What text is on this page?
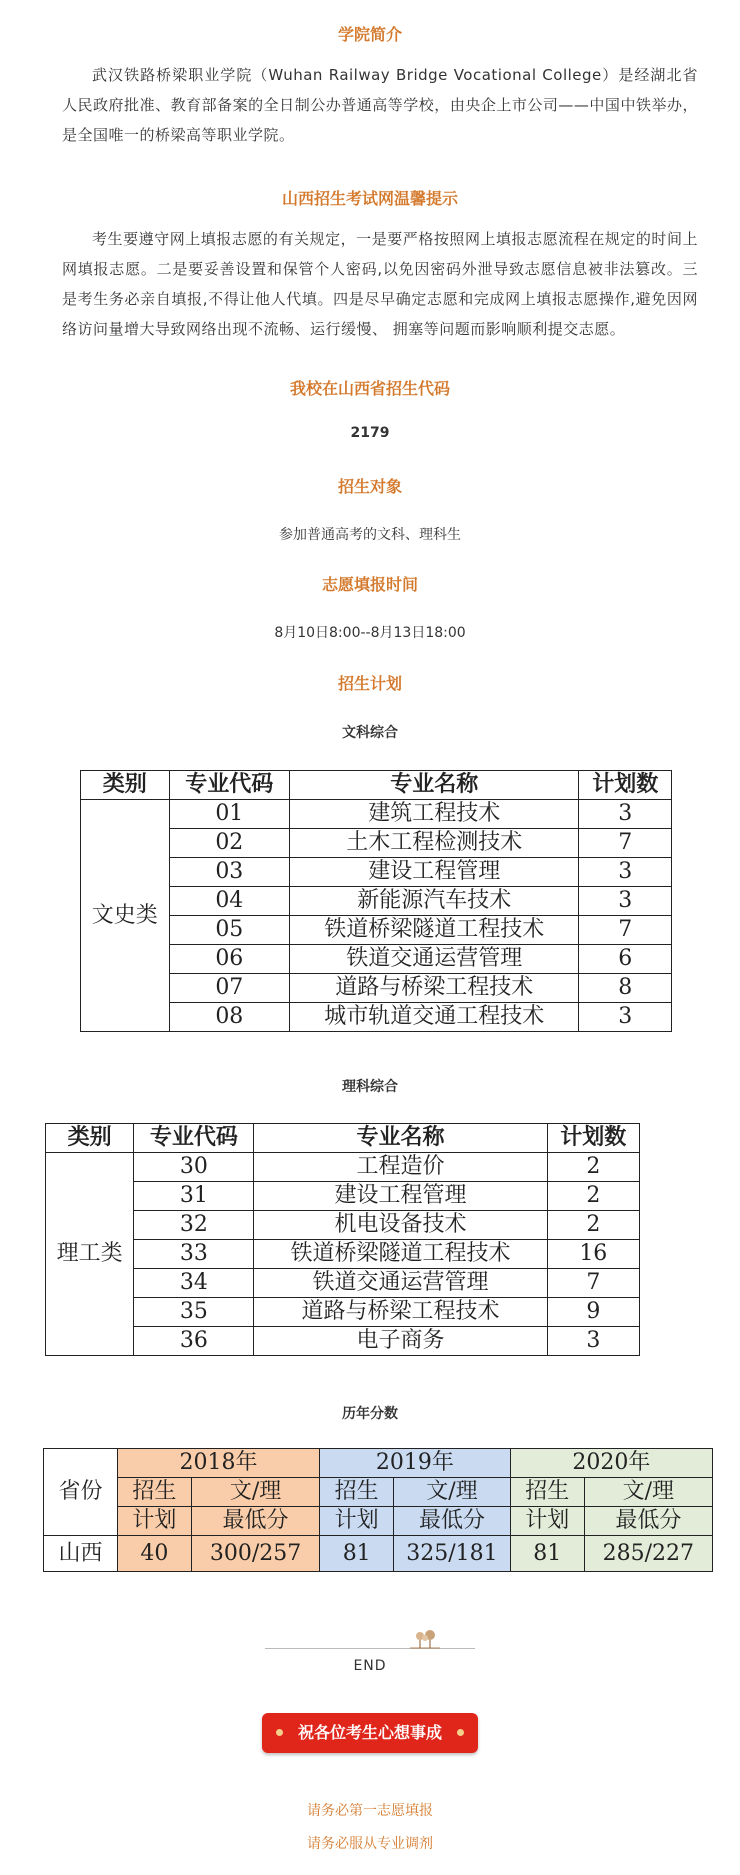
学院简介
武汉铁路桥梁职业学院（Wuhan Railway Bridge Vocational College）是经湖北省人民政府批准、教育部备案的全日制公办普通高等学校，由央企上市公司——中国中铁举办，是全国唯一的桥梁高等职业学院。
山西招生考试网温馨提示
考生要遵守网上填报志愿的有关规定，一是要严格按照网上填报志愿流程在规定的时间上网填报志愿。二是要妥善设置和保管个人密码,以免因密码外泄导致志愿信息被非法篡改。三是考生务必亲自填报,不得让他人代填。四是尽早确定志愿和完成网上填报志愿操作,避免因网络访问量增大导致网络出现不流畅、运行缓慢、 拥塞等问题而影响顺利提交志愿。
我校在山西省招生代码
2179
招生对象
参加普通高考的文科、理科生
志愿填报时间
8月10日8:00--8月13日18:00
招生计划
文科综合
类别	专业代码	专业名称	计划数
文史类	01	建筑工程技术	3
	02	土木工程检测技术	7
	03	建设工程管理	3
	04	新能源汽车技术	3
	05	铁道桥梁隧道工程技术	7
	06	铁道交通运营管理	6
	07	道路与桥梁工程技术	8
	08	城市轨道交通工程技术	3
理科综合
类别	专业代码	专业名称	计划数
理工类	30	工程造价	2
	31	建设工程管理	2
	32	机电设备技术	2
	33	铁道桥梁隧道工程技术	16
	34	铁道交通运营管理	7
	35	道路与桥梁工程技术	9
	36	电子商务	3
历年分数
省份	2018年		2019年		2020年	
	招生	文/理	招生	文/理	招生	文/理
	计划	最低分	计划	最低分	计划	最低分
山西	40	300/257	81	325/181	81	285/227
END
祝各位考生心想事成
请务必第一志愿填报
请务必服从专业调剂
